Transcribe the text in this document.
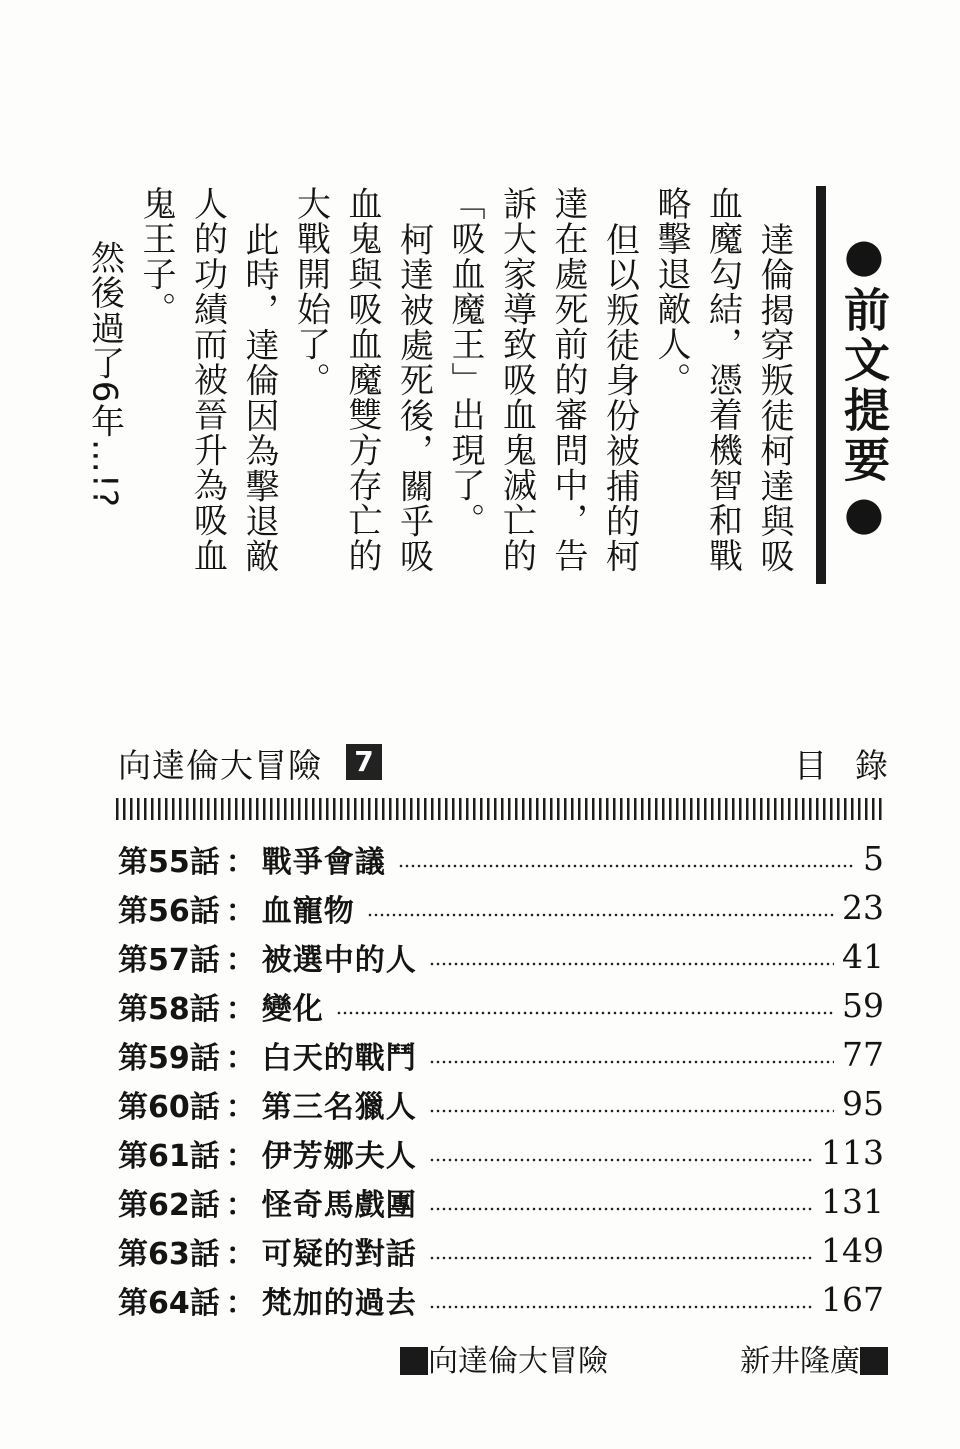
●前文提要●
達倫揭穿叛徒柯達與吸
血魔勾結，憑着機智和戰
略擊退敵人。
但以叛徒身份被捕的柯
達在處死前的審問中，告
訴大家導致吸血鬼滅亡的
「吸血魔王」出現了。
柯達被處死後，關乎吸
血鬼與吸血魔雙方存亡的
大戰開始了。
此時，達倫因為擊退敵
人的功績而被晉升為吸血
鬼王子。
然後過了6年…!?
向達倫大冒險 7	目錄
第55話 ： 戰爭會議	5
第56話 ： 血寵物	23
第57話 ： 被選中的人	41
第58話 ： 變化	59
第59話 ： 白天的戰鬥	77
第60話 ： 第三名獵人	95
第61話 ： 伊芳娜夫人	113
第62話 ： 怪奇馬戲團	131
第63話 ： 可疑的對話	149
第64話 ： 梵加的過去	167
向達倫大冒險	新井隆廣
